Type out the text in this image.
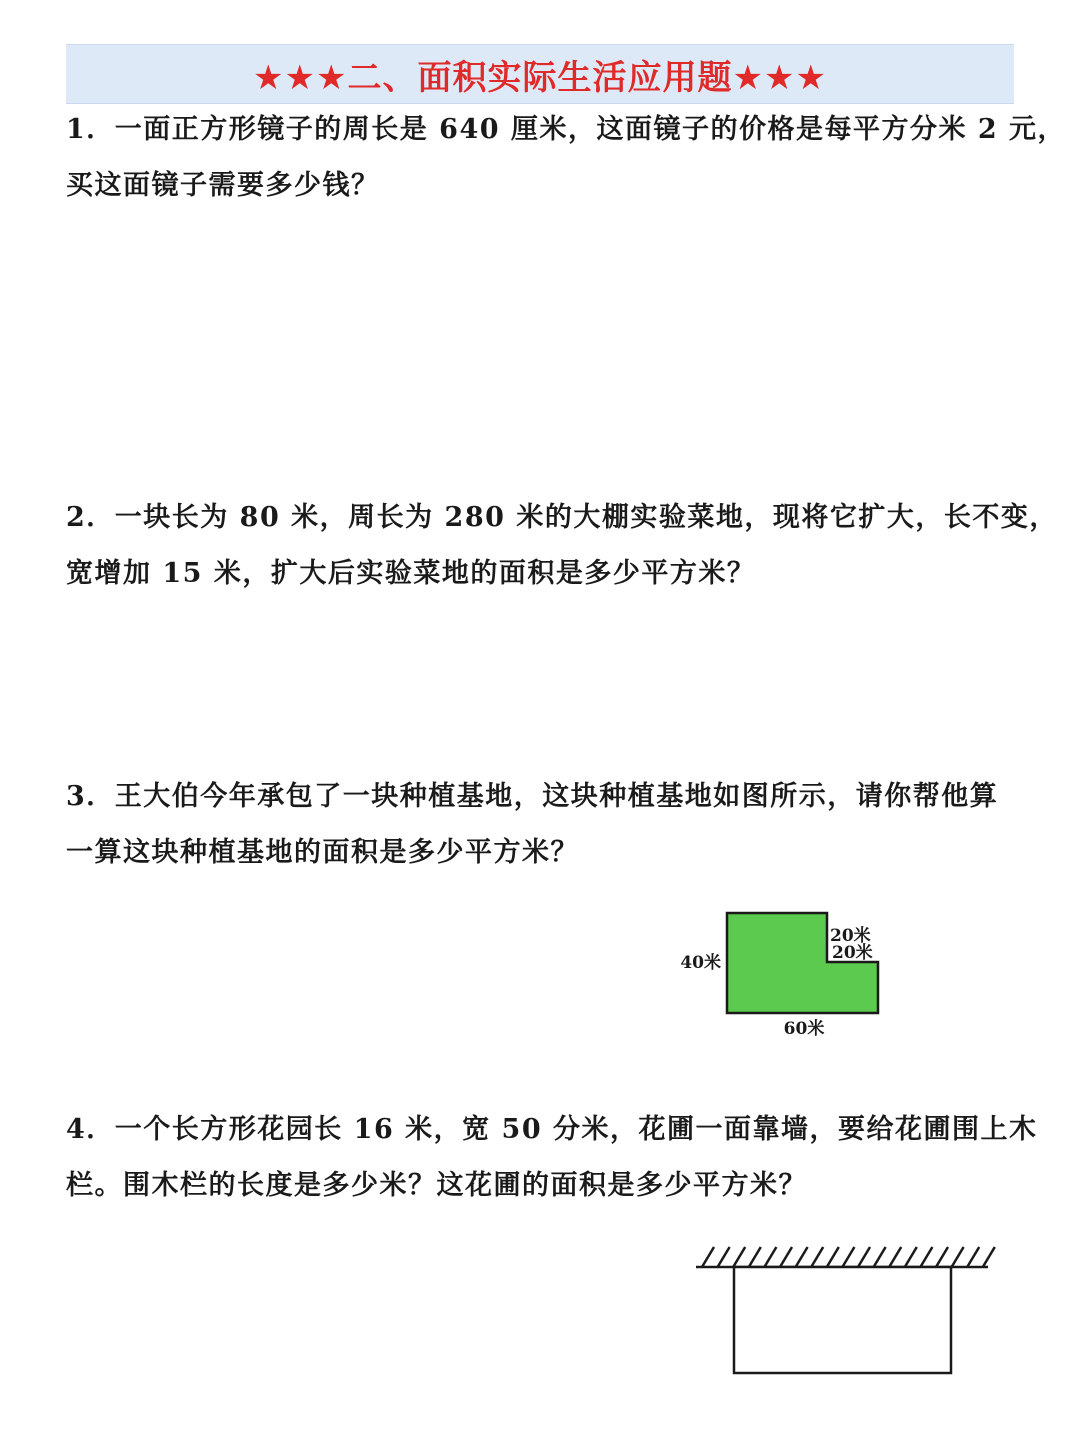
★★★二、面积实际生活应用题★★★
1．一面正方形镜子的周长是 640 厘米，这面镜子的价格是每平方分米 2 元，
买这面镜子需要多少钱？
2．一块长为 80 米，周长为 280 米的大棚实验菜地，现将它扩大，长不变，
宽增加 15 米，扩大后实验菜地的面积是多少平方米？
3．王大伯今年承包了一块种植基地，这块种植基地如图所示，请你帮他算
一算这块种植基地的面积是多少平方米？
40米
20米
20米
60米
4．一个长方形花园长 16 米，宽 50 分米，花圃一面靠墙，要给花圃围上木
栏。围木栏的长度是多少米？这花圃的面积是多少平方米？
